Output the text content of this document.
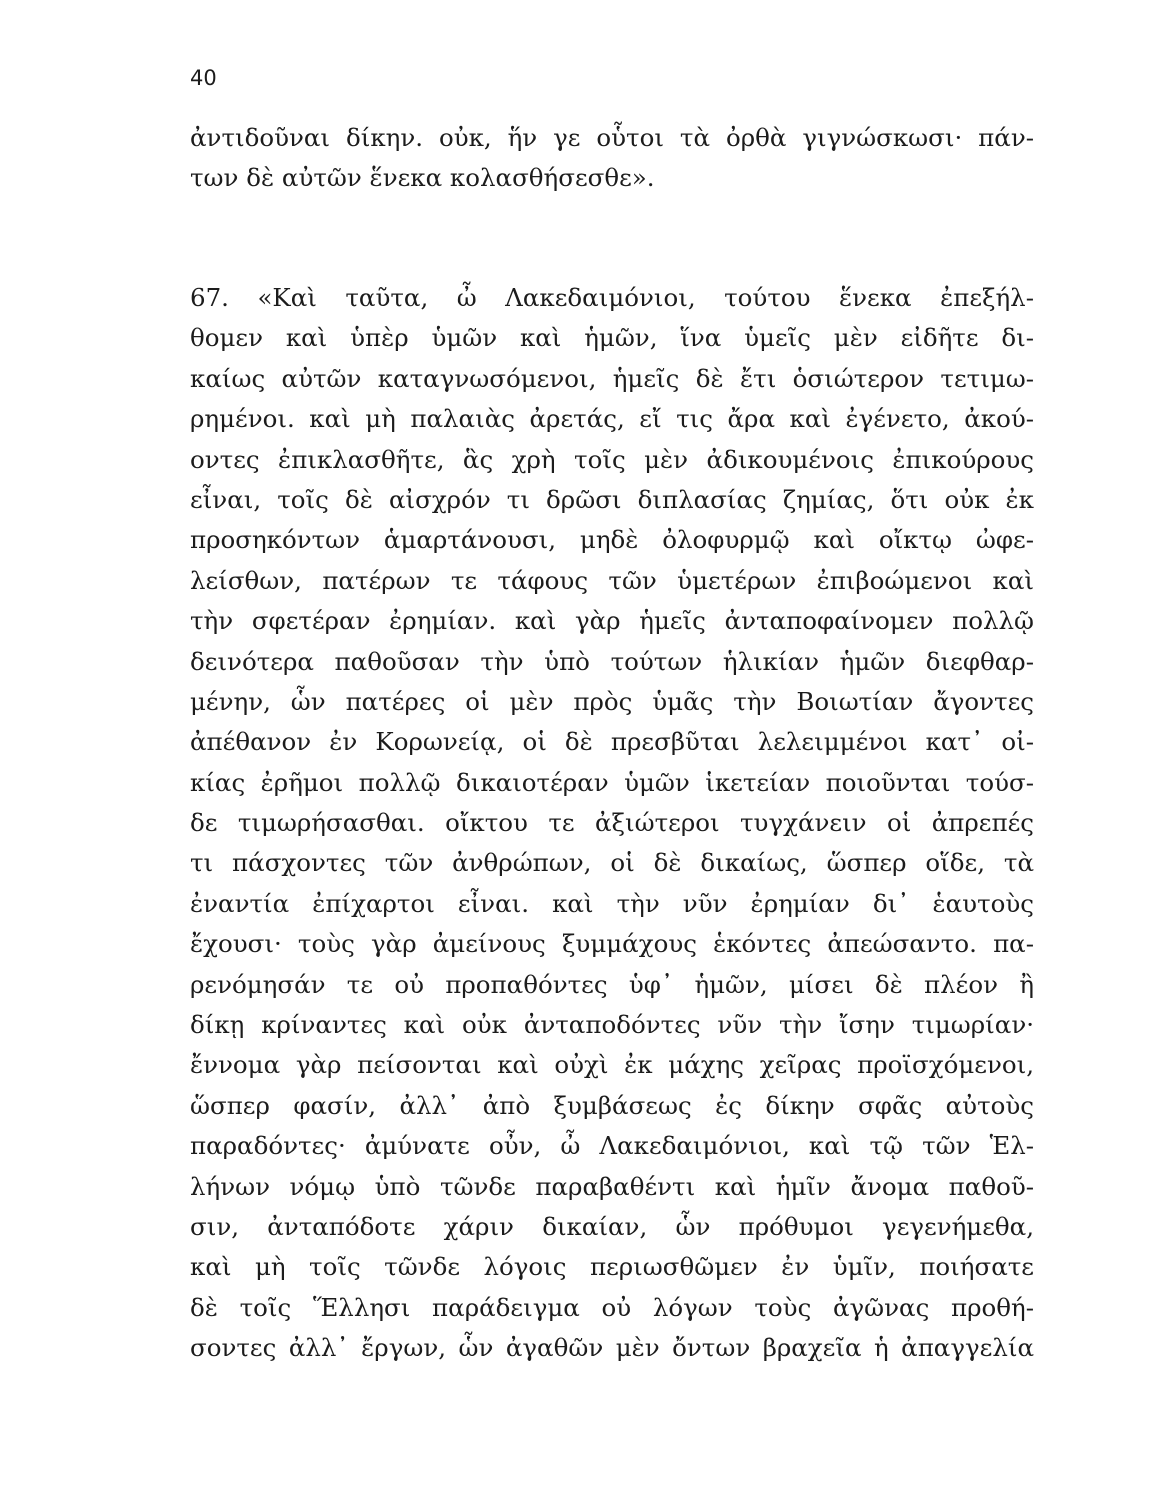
40
ἀντιδοῦναι δίκην. οὐκ, ἥν γε οὗτοι τὰ ὀρθὰ γιγνώσκωσι· πάν-
των δὲ αὐτῶν ἕνεκα κολασθήσεσθε».
67. «Καὶ ταῦτα, ὦ Λακεδαιμόνιοι, τούτου ἕνεκα ἐπεξήλ-
θομεν καὶ ὑπὲρ ὑμῶν καὶ ἡμῶν, ἵνα ὑμεῖς μὲν εἰδῆτε δι-
καίως αὐτῶν καταγνωσόμενοι, ἡμεῖς δὲ ἔτι ὁσιώτερον τετιμω-
ρημένοι. καὶ μὴ παλαιὰς ἀρετάς, εἴ τις ἄρα καὶ ἐγένετο, ἀκού-
οντες ἐπικλασθῆτε, ἃς χρὴ τοῖς μὲν ἀδικουμένοις ἐπικούρους
εἶναι, τοῖς δὲ αἰσχρόν τι δρῶσι διπλασίας ζημίας, ὅτι οὐκ ἐκ
προσηκόντων ἁμαρτάνουσι, μηδὲ ὀλοφυρμῷ καὶ οἴκτῳ ὠφε-
λείσθων, πατέρων τε τάφους τῶν ὑμετέρων ἐπιβοώμενοι καὶ
τὴν σφετέραν ἐρημίαν. καὶ γὰρ ἡμεῖς ἀνταποφαίνομεν πολλῷ
δεινότερα παθοῦσαν τὴν ὑπὸ τούτων ἡλικίαν ἡμῶν διεφθαρ-
μένην, ὧν πατέρες οἱ μὲν πρὸς ὑμᾶς τὴν Βοιωτίαν ἄγοντες
ἀπέθανον ἐν Κορωνείᾳ, οἱ δὲ πρεσβῦται λελειμμένοι κατ᾽ οἰ-
κίας ἐρῆμοι πολλῷ δικαιοτέραν ὑμῶν ἱκετείαν ποιοῦνται τούσ-
δε τιμωρήσασθαι. οἴκτου τε ἀξιώτεροι τυγχάνειν οἱ ἀπρεπές
τι πάσχοντες τῶν ἀνθρώπων, οἱ δὲ δικαίως, ὥσπερ οἵδε, τὰ
ἐναντία ἐπίχαρτοι εἶναι. καὶ τὴν νῦν ἐρημίαν δι᾽ ἑαυτοὺς
ἔχουσι· τοὺς γὰρ ἀμείνους ξυμμάχους ἑκόντες ἀπεώσαντο. πα-
ρενόμησάν τε οὐ προπαθόντες ὑφ᾽ ἡμῶν, μίσει δὲ πλέον ἢ
δίκῃ κρίναντες καὶ οὐκ ἀνταποδόντες νῦν τὴν ἴσην τιμωρίαν·
ἔννομα γὰρ πείσονται καὶ οὐχὶ ἐκ μάχης χεῖρας προϊσχόμενοι,
ὥσπερ φασίν, ἀλλ᾽ ἀπὸ ξυμβάσεως ἐς δίκην σφᾶς αὐτοὺς
παραδόντες· ἀμύνατε οὖν, ὦ Λακεδαιμόνιοι, καὶ τῷ τῶν Ἑλ-
λήνων νόμῳ ὑπὸ τῶνδε παραβαθέντι καὶ ἡμῖν ἄνομα παθοῦ-
σιν, ἀνταπόδοτε χάριν δικαίαν, ὧν πρόθυμοι γεγενήμεθα,
καὶ μὴ τοῖς τῶνδε λόγοις περιωσθῶμεν ἐν ὑμῖν, ποιήσατε
δὲ τοῖς Ἕλλησι παράδειγμα οὐ λόγων τοὺς ἀγῶνας προθή-
σοντες ἀλλ᾽ ἔργων, ὧν ἀγαθῶν μὲν ὄντων βραχεῖα ἡ ἀπαγγελία
